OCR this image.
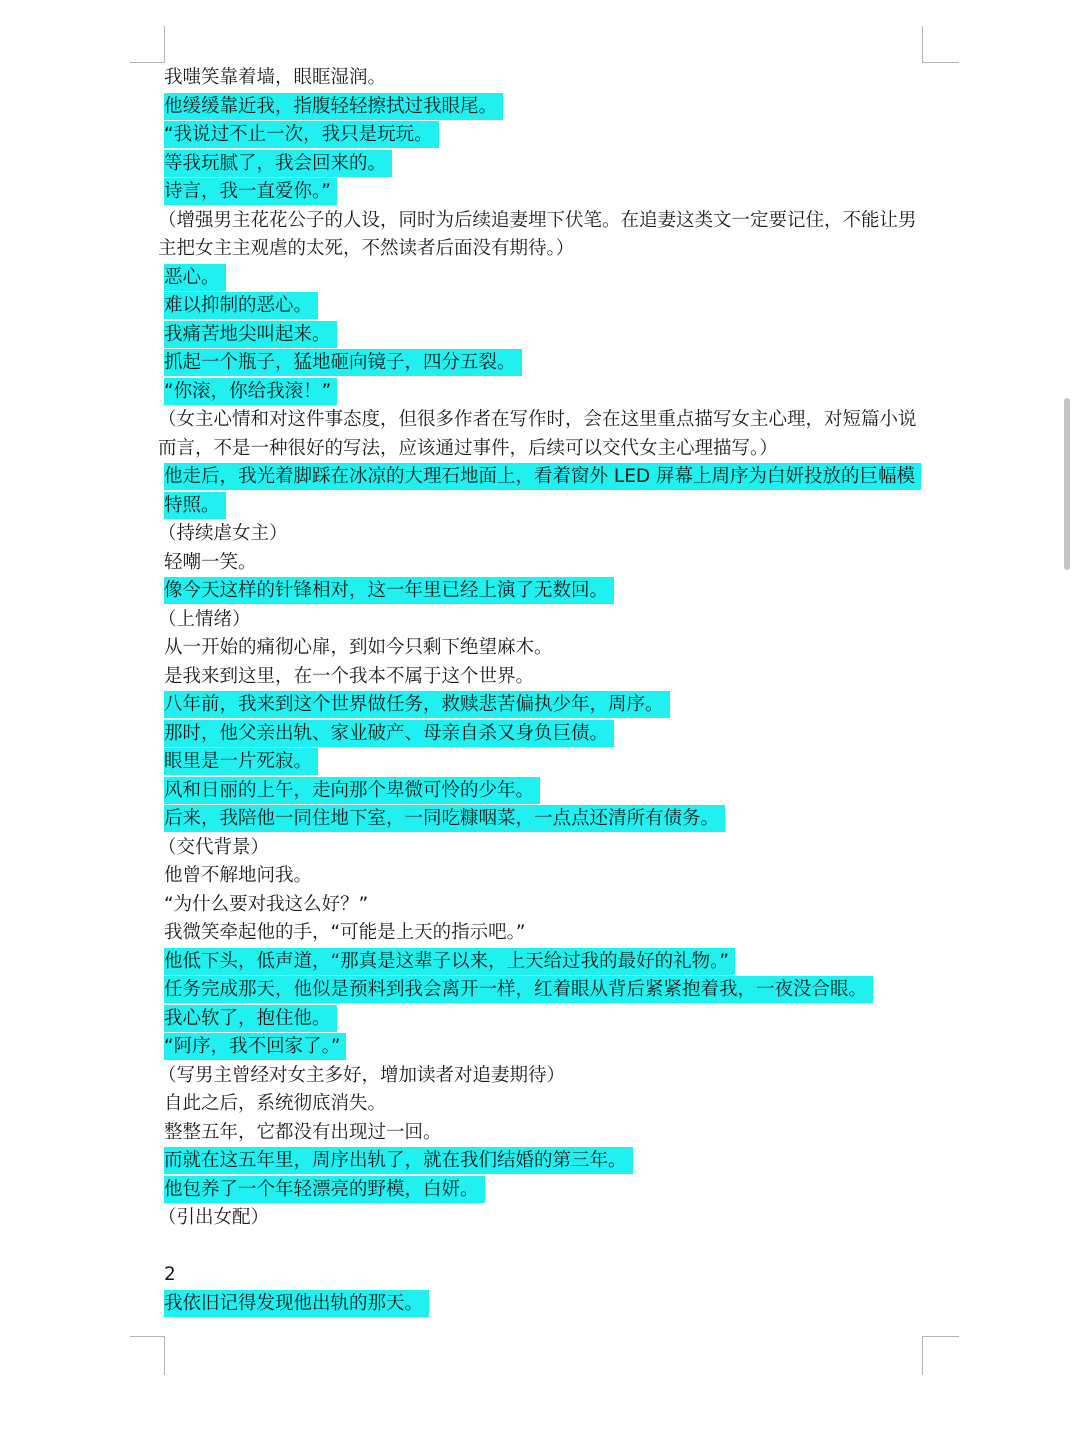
我嗤笑靠着墙，眼眶湿润。
他缓缓靠近我，指腹轻轻擦拭过我眼尾。
“我说过不止一次，我只是玩玩。
等我玩腻了，我会回来的。
诗言，我一直爱你。”
（增强男主花花公子的人设，同时为后续追妻埋下伏笔。在追妻这类文一定要记住，不能让男主把女主主观虐的太死，不然读者后面没有期待。）
恶心。
难以抑制的恶心。
我痛苦地尖叫起来。
抓起一个瓶子，猛地砸向镜子，四分五裂。
“你滚，你给我滚！”
（女主心情和对这件事态度，但很多作者在写作时，会在这里重点描写女主心理，对短篇小说而言，不是一种很好的写法，应该通过事件，后续可以交代女主心理描写。）
他走后，我光着脚踩在冰凉的大理石地面上，看着窗外 LED 屏幕上周序为白妍投放的巨幅模特照。
（持续虐女主）
轻嘲一笑。
像今天这样的针锋相对，这一年里已经上演了无数回。
（上情绪）
从一开始的痛彻心扉，到如今只剩下绝望麻木。
是我来到这里，在一个我本不属于这个世界。
八年前，我来到这个世界做任务，救赎悲苦偏执少年，周序。
那时，他父亲出轨、家业破产、母亲自杀又身负巨债。
眼里是一片死寂。
风和日丽的上午，走向那个卑微可怜的少年。
后来，我陪他一同住地下室，一同吃糠咽菜，一点点还清所有债务。
（交代背景）
他曾不解地问我。
“为什么要对我这么好？”
我微笑牵起他的手，“可能是上天的指示吧。”
他低下头，低声道，“那真是这辈子以来，上天给过我的最好的礼物。”
任务完成那天，他似是预料到我会离开一样，红着眼从背后紧紧抱着我，一夜没合眼。
我心软了，抱住他。
“阿序，我不回家了。”
（写男主曾经对女主多好，增加读者对追妻期待）
自此之后，系统彻底消失。
整整五年，它都没有出现过一回。
而就在这五年里，周序出轨了，就在我们结婚的第三年。
他包养了一个年轻漂亮的野模，白妍。
（引出女配）
2
我依旧记得发现他出轨的那天。
